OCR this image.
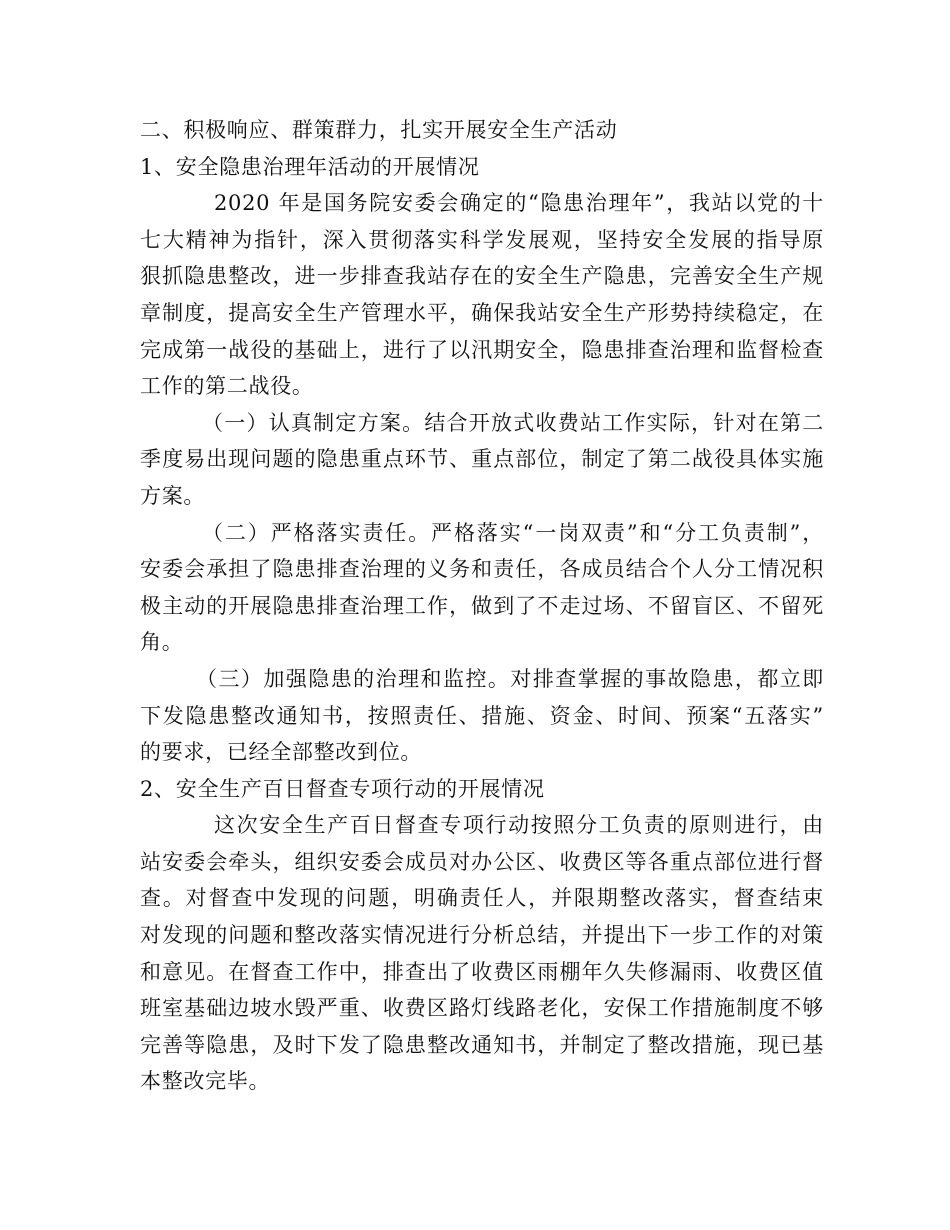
二、积极响应、群策群力，扎实开展安全生产活动

1、安全隐患治理年活动的开展情况

2020 年是国务院安委会确定的“隐患治理年”，我站以党的十

七大精神为指针，深入贯彻落实科学发展观，坚持安全发展的指导原

狠抓隐患整改，进一步排查我站存在的安全生产隐患，完善安全生产规

章制度，提高安全生产管理水平，确保我站安全生产形势持续稳定，在

完成第一战役的基础上，进行了以汛期安全，隐患排查治理和监督检查

工作的第二战役。

（一）认真制定方案。结合开放式收费站工作实际，针对在第二

季度易出现问题的隐患重点环节、重点部位，制定了第二战役具体实施

方案。

（二）严格落实责任。严格落实“一岗双责”和“分工负责制”，

安委会承担了隐患排查治理的义务和责任，各成员结合个人分工情况积

极主动的开展隐患排查治理工作，做到了不走过场、不留盲区、不留死

角。

（三）加强隐患的治理和监控。对排查掌握的事故隐患，都立即

下发隐患整改通知书，按照责任、措施、资金、时间、预案“五落实”

的要求，已经全部整改到位。

2、安全生产百日督查专项行动的开展情况

这次安全生产百日督查专项行动按照分工负责的原则进行，由

站安委会牵头，组织安委会成员对办公区、收费区等各重点部位进行督

查。对督查中发现的问题，明确责任人，并限期整改落实，督查结束

对发现的问题和整改落实情况进行分析总结，并提出下一步工作的对策

和意见。在督查工作中，排查出了收费区雨棚年久失修漏雨、收费区值

班室基础边坡水毁严重、收费区路灯线路老化，安保工作措施制度不够

完善等隐患，及时下发了隐患整改通知书，并制定了整改措施，现已基

本整改完毕。
